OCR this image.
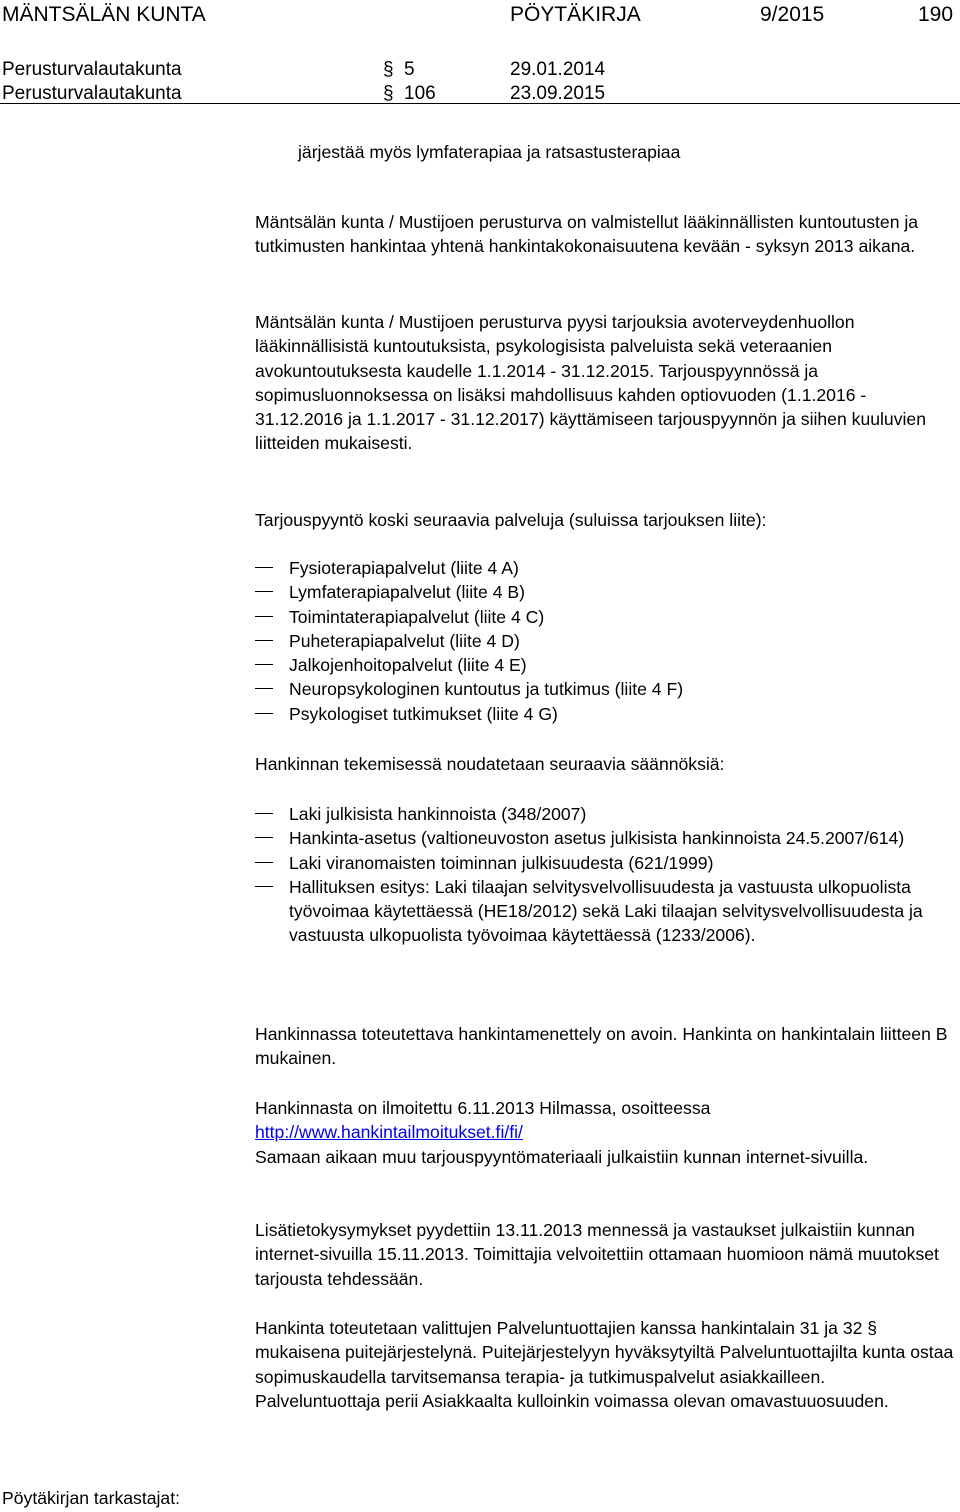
MÄNTSÄLÄN KUNTA	PÖYTÄKIRJA	9/2015	190
Perusturvalautakunta	§ 5	29.01.2014
Perusturvalautakunta	§ 106	23.09.2015

järjestää myös lymfaterapiaa ja ratsastusterapiaa

Mäntsälän kunta / Mustijoen perusturva on valmistellut lääkinnällisten kuntoutusten ja tutkimusten hankintaa yhtenä hankintakokonaisuutena kevään - syksyn 2013 aikana.

Mäntsälän kunta / Mustijoen perusturva pyysi tarjouksia avoterveydenhuollon lääkinnällisistä kuntoutuksista, psykologisista palveluista sekä veteraanien avokuntoutuksesta kaudelle 1.1.2014 - 31.12.2015. Tarjouspyynnössä ja sopimusluonnoksessa on lisäksi mahdollisuus kahden optiovuoden (1.1.2016 - 31.12.2016 ja 1.1.2017 - 31.12.2017) käyttämiseen tarjouspyynnön ja siihen kuuluvien liitteiden mukaisesti.

Tarjouspyyntö koski seuraavia palveluja (suluissa tarjouksen liite):

Fysioterapiapalvelut (liite 4 A)
Lymfaterapiapalvelut (liite 4 B)
Toimintaterapiapalvelut (liite 4 C)
Puheterapiapalvelut (liite 4 D)
Jalkojenhoitopalvelut (liite 4 E)
Neuropsykologinen kuntoutus ja tutkimus (liite 4 F)
Psykologiset tutkimukset (liite 4 G)

Hankinnan tekemisessä noudatetaan seuraavia säännöksiä:

Laki julkisista hankinnoista (348/2007)
Hankinta-asetus (valtioneuvoston asetus julkisista hankinnoista 24.5.2007/614)
Laki viranomaisten toiminnan julkisuudesta (621/1999)
Hallituksen esitys: Laki tilaajan selvitysvelvollisuudesta ja vastuusta ulkopuolista työvoimaa käytettäessä (HE18/2012) sekä Laki tilaajan selvitysvelvollisuudesta ja vastuusta ulkopuolista työvoimaa käytettäessä (1233/2006).

Hankinnassa toteutettava hankintamenettely on avoin. Hankinta on hankintalain liitteen B mukainen.

Hankinnasta on ilmoitettu 6.11.2013 Hilmassa, osoitteessa
http://www.hankintailmoitukset.fi/fi/
Samaan aikaan muu tarjouspyyntömateriaali julkaistiin kunnan internet-sivuilla.

Lisätietokysymykset pyydettiin 13.11.2013 mennessä ja vastaukset julkaistiin kunnan internet-sivuilla 15.11.2013. Toimittajia velvoitettiin ottamaan huomioon nämä muutokset tarjousta tehdessään.

Hankinta toteutetaan valittujen Palveluntuottajien kanssa hankintalain 31 ja 32 § mukaisena puitejärjestelynä. Puitejärjestelyyn hyväksytyiltä Palveluntuottajilta kunta ostaa sopimuskaudella tarvitsemansa terapia- ja tutkimuspalvelut asiakkailleen. Palveluntuottaja perii Asiakkaalta kulloinkin voimassa olevan omavastuuosuuden.

Pöytäkirjan tarkastajat:
